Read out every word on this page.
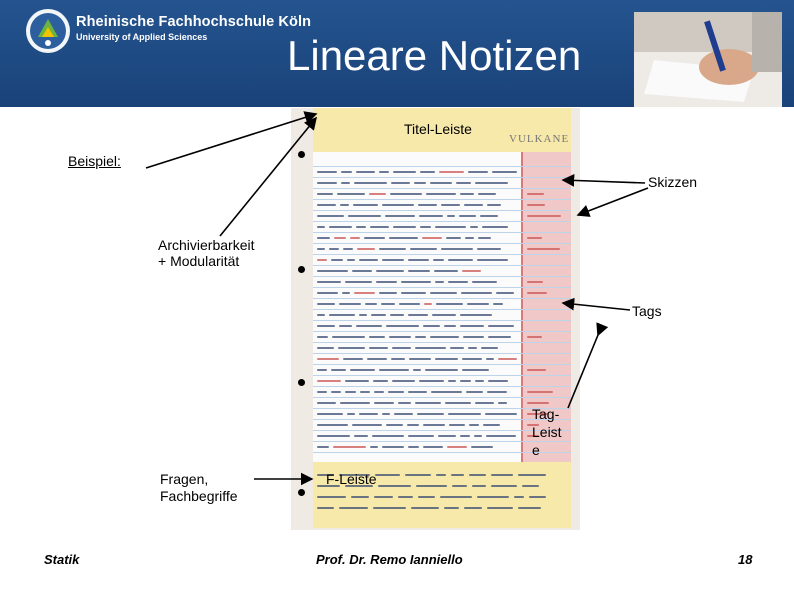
Rheinische Fachhochschule Köln
University of Applied Sciences Lineare Notizen
VULKANE
Titel-Leiste
Beispiel:
Skizzen
Archivierbarkeit
+ Modularität
Tags
Tag-
Leist
e
Fragen,
Fachbegriffe
F-Leiste
Statik	Prof. Dr. Remo Ianniello	18
